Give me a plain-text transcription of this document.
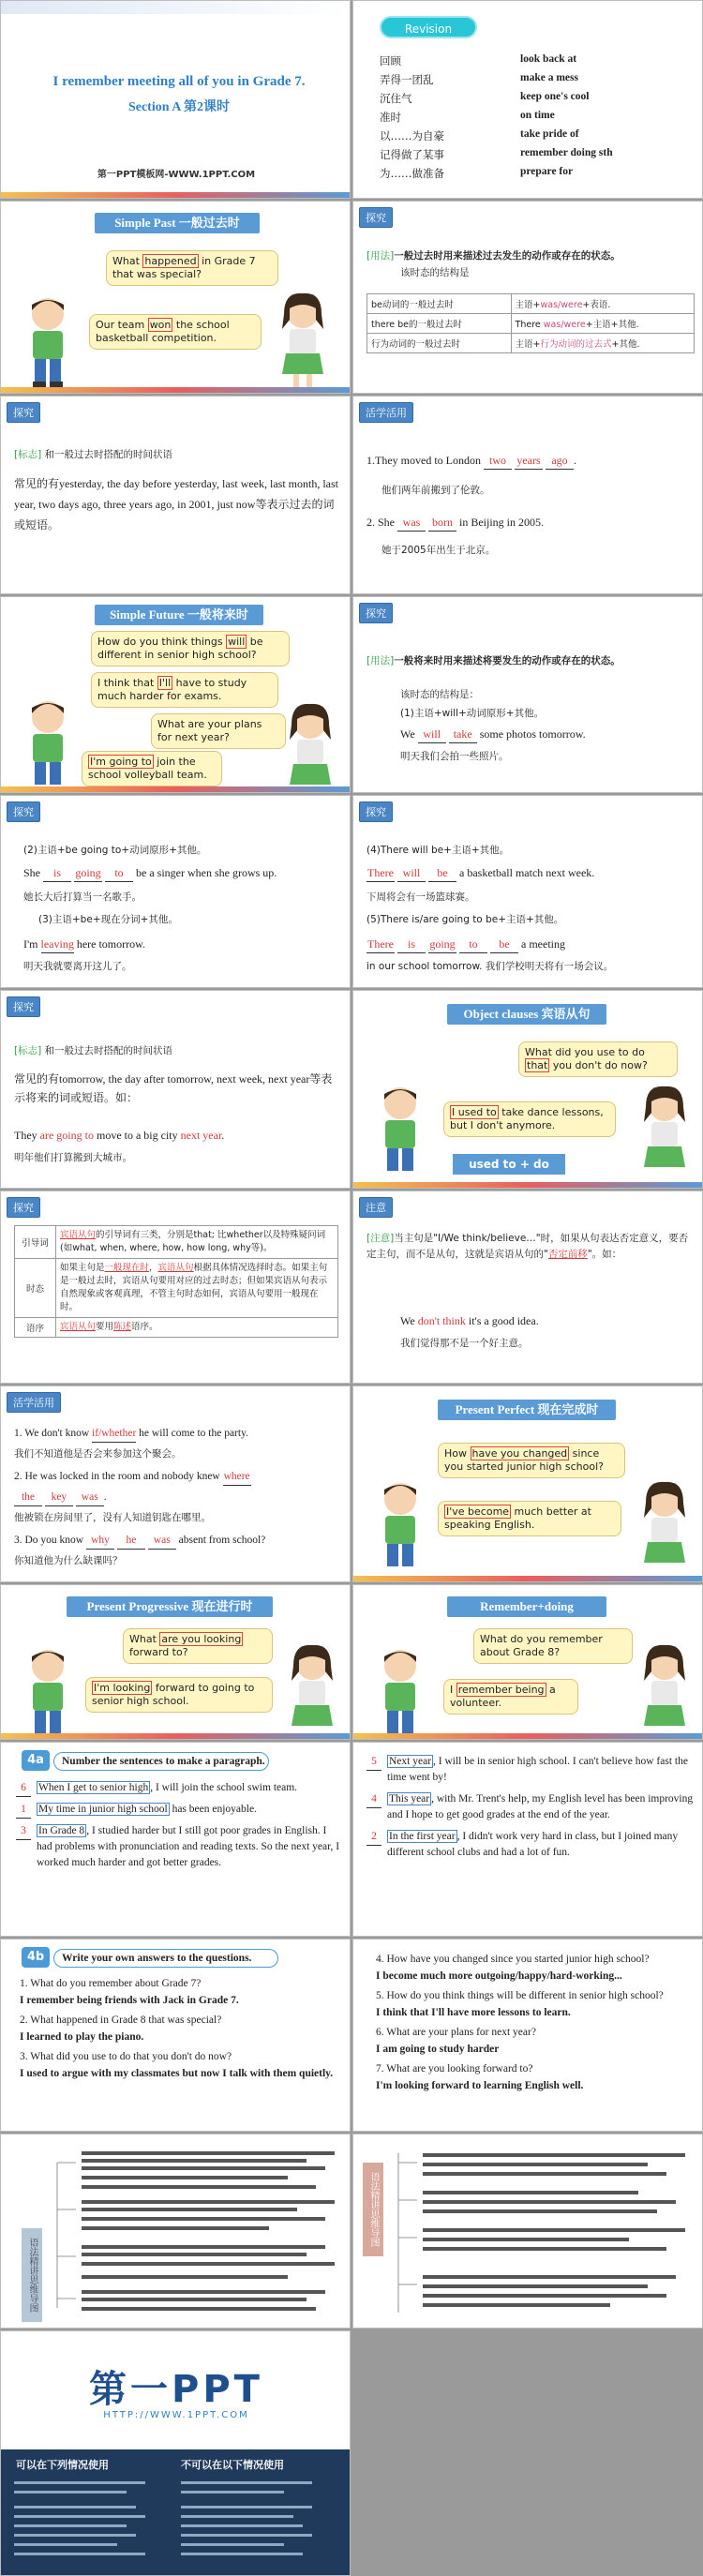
I remember meeting all of you in Grade 7.
Section A 第2课时
第一PPT模板网-WWW.1PPT.COM
Revision
回顾	look back at
弄得一团乱	make a mess
沉住气	keep one's cool
准时	on time
以……为自豪	take pride of
记得做了某事	remember doing sth
为……做准备	prepare for
Simple Past 一般过去时
What happened in Grade 7 that was special?
Our team won the school basketball competition.
探究
[用法]一般过去时用来描述过去发生的动作或存在的状态。
该时态的结构是
be动词的一般过去时	主语+was/were+表语.
there be的一般过去时	There was/were+主语+其他.
行为动词的一般过去时	主语+行为动词的过去式+其他.
探究
[标志] 和一般过去时搭配的时间状语
常见的有yesterday, the day before yesterday, last week, last month, last year, two days ago, three years ago, in 2001, just now等表示过去的词或短语。
活学活用
1.They moved to London two years ago .
他们两年前搬到了伦敦。
2. She was born in Beijing in 2005.
她于2005年出生于北京。
Simple Future 一般将来时
How do you think things will be different in senior high school?
I think that I'll have to study much harder for exams.
What are your plans for next year?
I'm going to join the school volleyball team.
探究
[用法]一般将来时用来描述将要发生的动作或存在的状态。
该时态的结构是：
(1)主语+will+动词原形+其他。
We will take some photos tomorrow.
明天我们会拍一些照片。
探究
(2)主语+be going to+动词原形+其他。
She is going to be a singer when she grows up.
她长大后打算当一名歌手。
(3)主语+be+现在分词+其他。
I'm leaving here tomorrow.
明天我就要离开这儿了。
探究
(4)There will be+主语+其他。
There will be a basketball match next week.
下周将会有一场篮球赛。
(5)There is/are going to be+主语+其他。
There is going to be a meeting
in our school tomorrow. 我们学校明天将有一场会议。
探究
[标志] 和一般过去时搭配的时间状语
常见的有tomorrow, the day after tomorrow, next week, next year等表示将来的词或短语。如：
They are going to move to a big city next year.
明年他们打算搬到大城市。
Object clauses 宾语从句
What did you use to do that you don't do now?
I used to take dance lessons, but I don't anymore.
used to + do
探究
引导词	宾语从句的引导词有三类，分别是that; 比whether以及特殊疑问词(如what, when, where, how, how long, why等)。
时态	如果主句是一般现在时，宾语从句根据具体情况选择时态。如果主句是一般过去时，宾语从句要用对应的过去时态；但如果宾语从句表示自然现象或客观真理，不管主句时态如何，宾语从句要用一般现在时。
语序	宾语从句要用陈述语序。
注意
[注意]当主句是"I/We think/believe…"时，如果从句表达否定意义，要否定主句，而不是从句，这就是宾语从句的"否定前移"。如：
We don't think it's a good idea.
我们觉得那不是一个好主意。
活学活用
1. We don't know if/whether he will come to the party.
我们不知道他是否会来参加这个聚会。
2. He was locked in the room and nobody knew where
the key was .
他被锁在房间里了，没有人知道钥匙在哪里。
3. Do you know why he was absent from school?
你知道他为什么缺课吗？
Present Perfect 现在完成时
How have you changed since you started junior high school?
I've become much better at speaking English.
Present Progressive 现在进行时
What are you looking forward to?
I'm looking forward to going to senior high school.
Remember+doing
What do you remember about Grade 8?
I remember being a volunteer.
4a	Number the sentences to make a paragraph.
6	When I get to senior high , I will join the school swim team.
1	My time in junior high school has been enjoyable.
3	In Grade 8 , I studied harder but I still got poor grades in English. I had problems with pronunciation and reading texts. So the next year, I worked much harder and got better grades.
5	Next year , I will be in senior high school. I can't believe how fast the time went by!
4	This year , with Mr. Trent's help, my English level has been improving and I hope to get good grades at the end of the year.
2	In the first year , I didn't work very hard in class, but I joined many different school clubs and had a lot of fun.
4b	Write your own answers to the questions.
1. What do you remember about Grade 7?
I remember being friends with Jack in Grade 7.
2. What happened in Grade 8 that was special?
I learned to play the piano.
3. What did you use to do that you don't do now?
I used to argue with my classmates but now I talk with them quietly.
4. How have you changed since you started junior high school?
I become much more outgoing/happy/hard-working...
5. How do you think things will be different in senior high school?
I think that I'll have more lessons to learn.
6. What are your plans for next year?
I am going to study harder
7. What are you looking forward to?
I'm looking forward to learning English well.
语法精讲思维导图
语法精讲思维导图
第一PPT
HTTP://WWW.1PPT.COM
可以在下列情况使用	不可以在以下情况使用
